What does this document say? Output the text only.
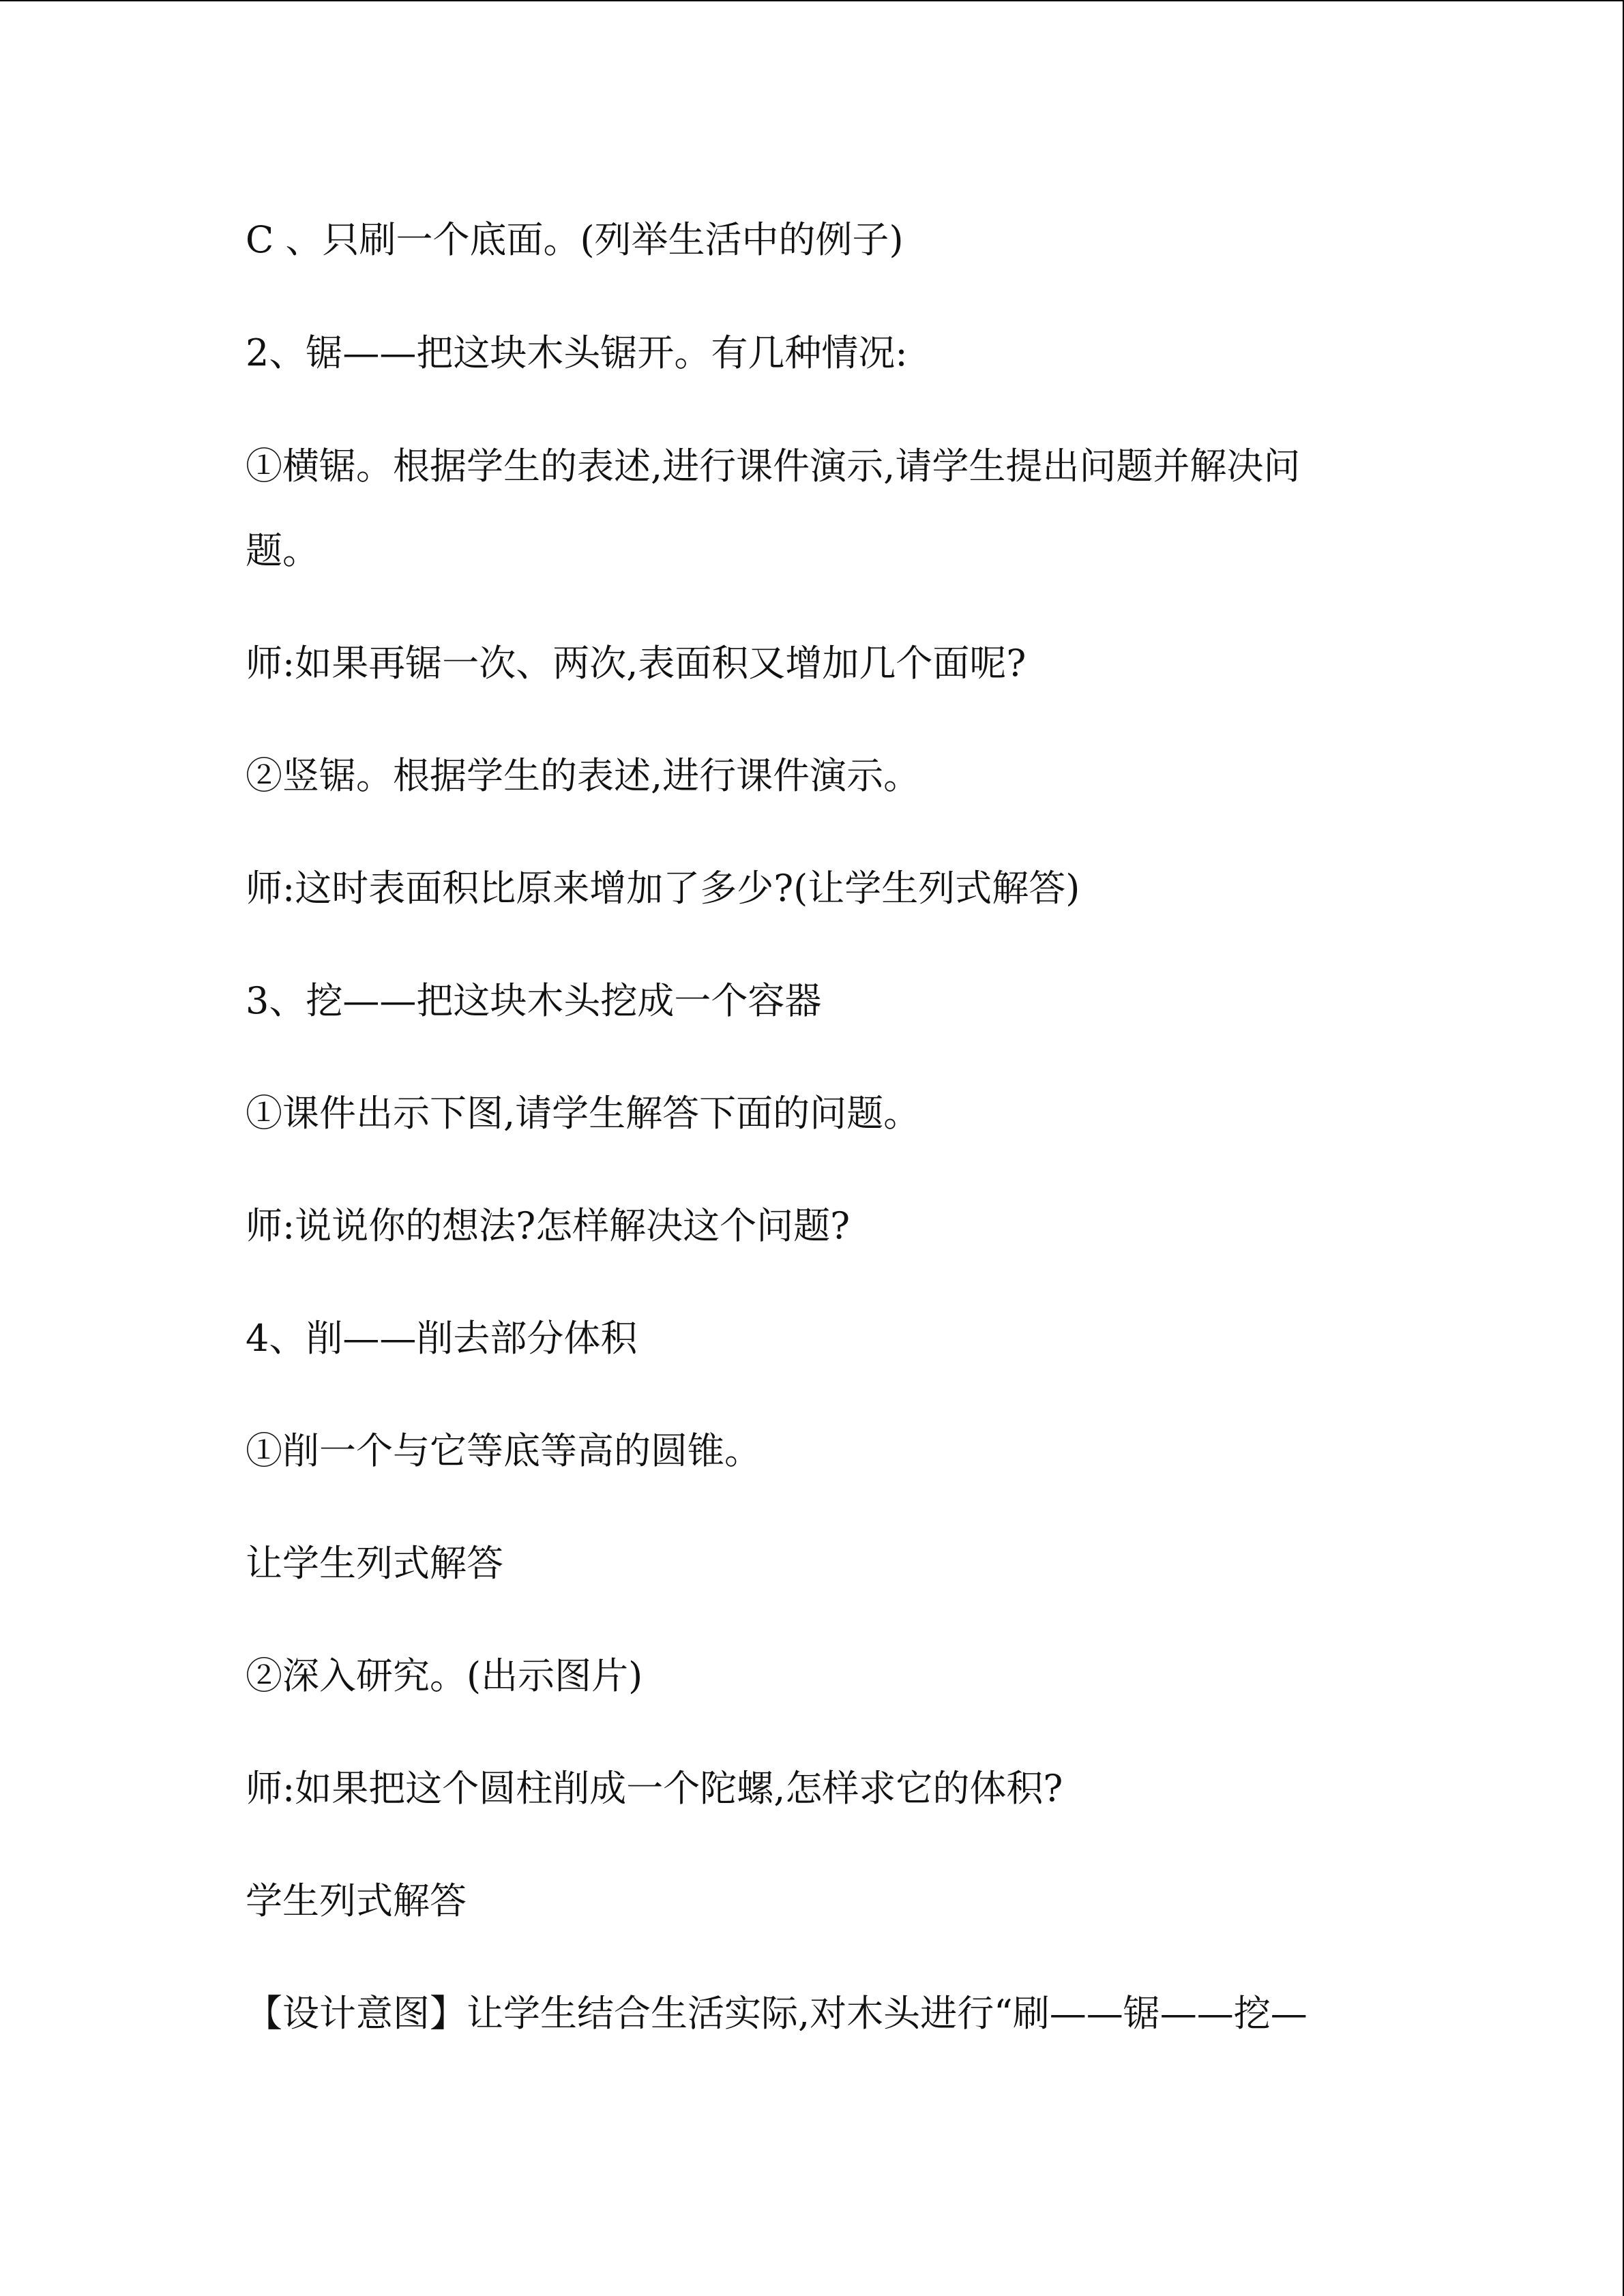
C 、只刷一个底面。(列举生活中的例子)

2、锯——把这块木头锯开。有几种情况:

①横锯。根据学生的表述,进行课件演示,请学生提出问题并解决问

题。

师:如果再锯一次、两次,表面积又增加几个面呢?

②竖锯。根据学生的表述,进行课件演示。

师:这时表面积比原来增加了多少?(让学生列式解答)

3、挖——把这块木头挖成一个容器

①课件出示下图,请学生解答下面的问题。

师:说说你的想法?怎样解决这个问题?

4、削——削去部分体积

①削一个与它等底等高的圆锥。

让学生列式解答

②深入研究。(出示图片)

师:如果把这个圆柱削成一个陀螺,怎样求它的体积?

学生列式解答

【设计意图】让学生结合生活实际,对木头进行“刷——锯——挖—
